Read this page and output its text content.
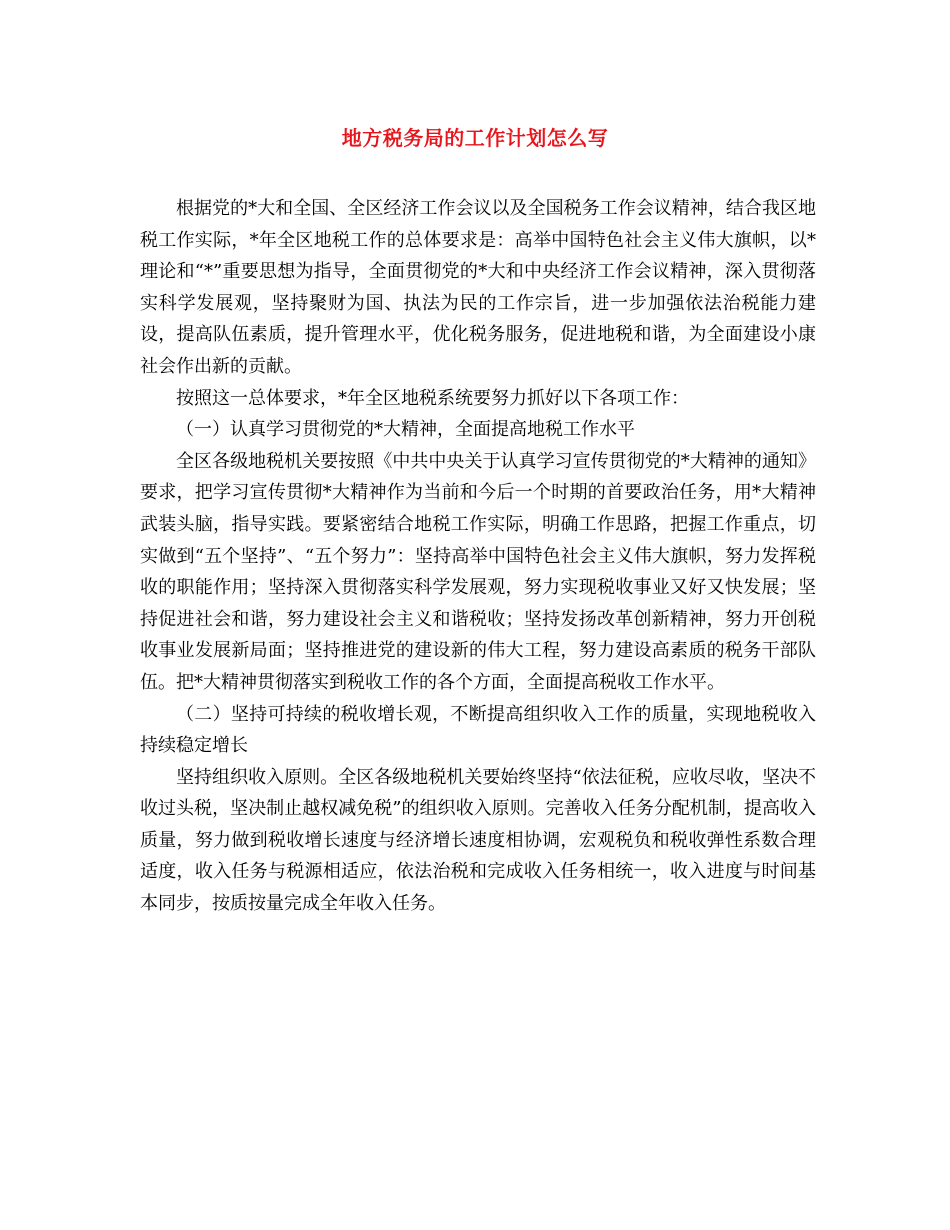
地方税务局的工作计划怎么写

根据党的*大和全国、全区经济工作会议以及全国税务工作会议精神，结合我区地税工作实际，*年全区地税工作的总体要求是：高举中国特色社会主义伟大旗帜，以*理论和“*”重要思想为指导，全面贯彻党的*大和中央经济工作会议精神，深入贯彻落实科学发展观，坚持聚财为国、执法为民的工作宗旨，进一步加强依法治税能力建设，提高队伍素质，提升管理水平，优化税务服务，促进地税和谐，为全面建设小康社会作出新的贡献。

按照这一总体要求，*年全区地税系统要努力抓好以下各项工作：

（一）认真学习贯彻党的*大精神，全面提高地税工作水平

全区各级地税机关要按照《中共中央关于认真学习宣传贯彻党的*大精神的通知》要求，把学习宣传贯彻*大精神作为当前和今后一个时期的首要政治任务，用*大精神武装头脑，指导实践。要紧密结合地税工作实际，明确工作思路，把握工作重点，切实做到“五个坚持”、“五个努力”：坚持高举中国特色社会主义伟大旗帜，努力发挥税收的职能作用；坚持深入贯彻落实科学发展观，努力实现税收事业又好又快发展；坚持促进社会和谐，努力建设社会主义和谐税收；坚持发扬改革创新精神，努力开创税收事业发展新局面；坚持推进党的建设新的伟大工程，努力建设高素质的税务干部队伍。把*大精神贯彻落实到税收工作的各个方面，全面提高税收工作水平。

（二）坚持可持续的税收增长观，不断提高组织收入工作的质量，实现地税收入持续稳定增长

坚持组织收入原则。全区各级地税机关要始终坚持“依法征税，应收尽收，坚决不收过头税，坚决制止越权减免税”的组织收入原则。完善收入任务分配机制，提高收入质量，努力做到税收增长速度与经济增长速度相协调，宏观税负和税收弹性系数合理适度，收入任务与税源相适应，依法治税和完成收入任务相统一，收入进度与时间基本同步，按质按量完成全年收入任务。
